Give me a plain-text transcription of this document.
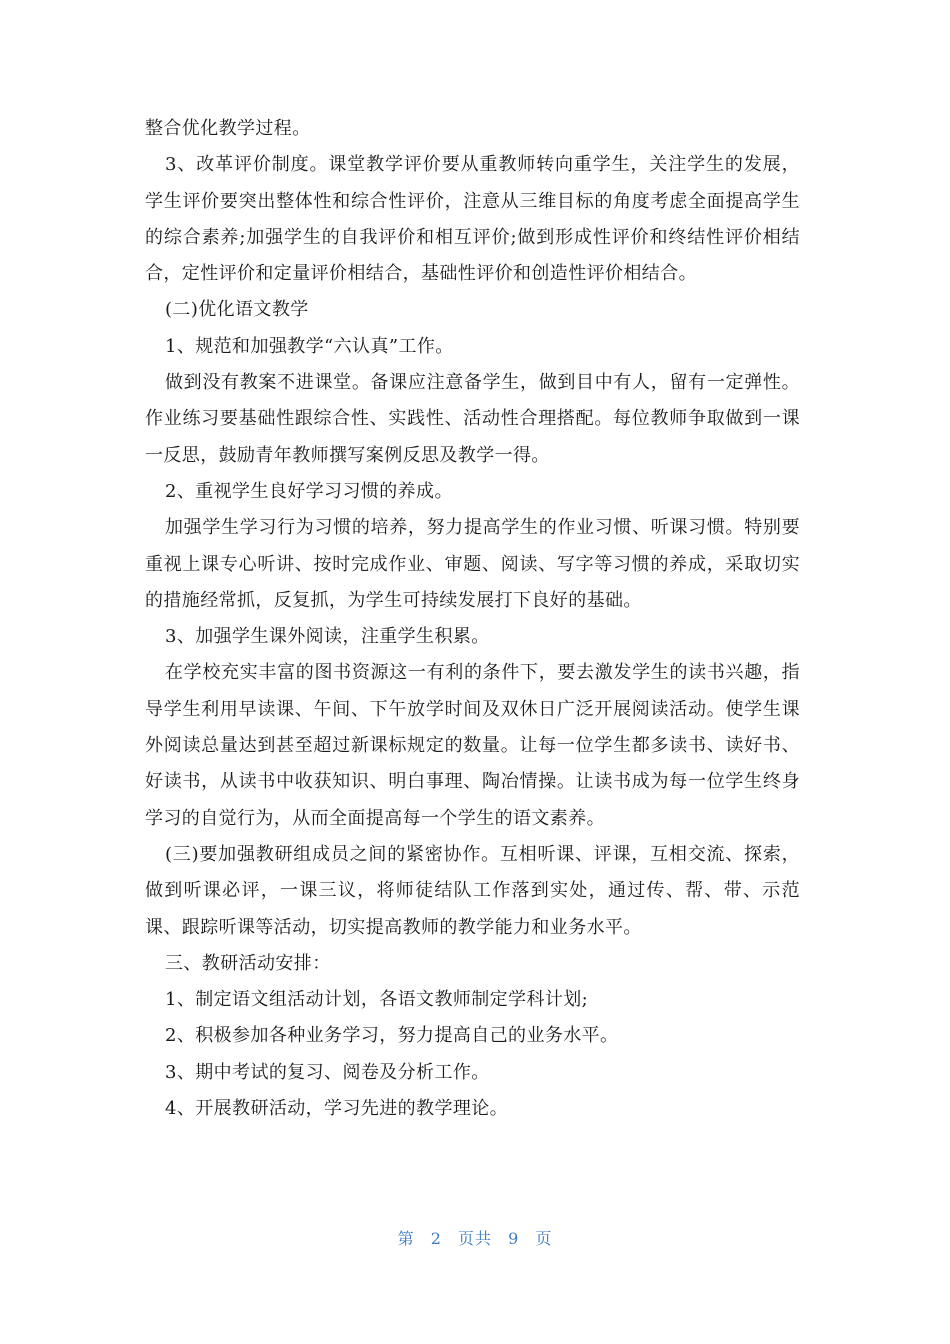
整合优化教学过程。

3、改革评价制度。课堂教学评价要从重教师转向重学生，关注学生的发展，学生评价要突出整体性和综合性评价，注意从三维目标的角度考虑全面提高学生的综合素养;加强学生的自我评价和相互评价;做到形成性评价和终结性评价相结合，定性评价和定量评价相结合，基础性评价和创造性评价相结合。

(二)优化语文教学

1、规范和加强教学“六认真”工作。

做到没有教案不进课堂。备课应注意备学生，做到目中有人，留有一定弹性。作业练习要基础性跟综合性、实践性、活动性合理搭配。每位教师争取做到一课一反思，鼓励青年教师撰写案例反思及教学一得。

2、重视学生良好学习习惯的养成。

加强学生学习行为习惯的培养，努力提高学生的作业习惯、听课习惯。特别要重视上课专心听讲、按时完成作业、审题、阅读、写字等习惯的养成，采取切实的措施经常抓，反复抓，为学生可持续发展打下良好的基础。

3、加强学生课外阅读，注重学生积累。

在学校充实丰富的图书资源这一有利的条件下，要去激发学生的读书兴趣，指导学生利用早读课、午间、下午放学时间及双休日广泛开展阅读活动。使学生课外阅读总量达到甚至超过新课标规定的数量。让每一位学生都多读书、读好书、好读书，从读书中收获知识、明白事理、陶冶情操。让读书成为每一位学生终身学习的自觉行为，从而全面提高每一个学生的语文素养。

(三)要加强教研组成员之间的紧密协作。互相听课、评课，互相交流、探索，做到听课必评，一课三议，将师徒结队工作落到实处，通过传、帮、带、示范课、跟踪听课等活动，切实提高教师的教学能力和业务水平。

三、教研活动安排：

1、制定语文组活动计划，各语文教师制定学科计划;

2、积极参加各种业务学习，努力提高自己的业务水平。

3、期中考试的复习、阅卷及分析工作。

4、开展教研活动，学习先进的教学理论。

第 2 页共 9 页
